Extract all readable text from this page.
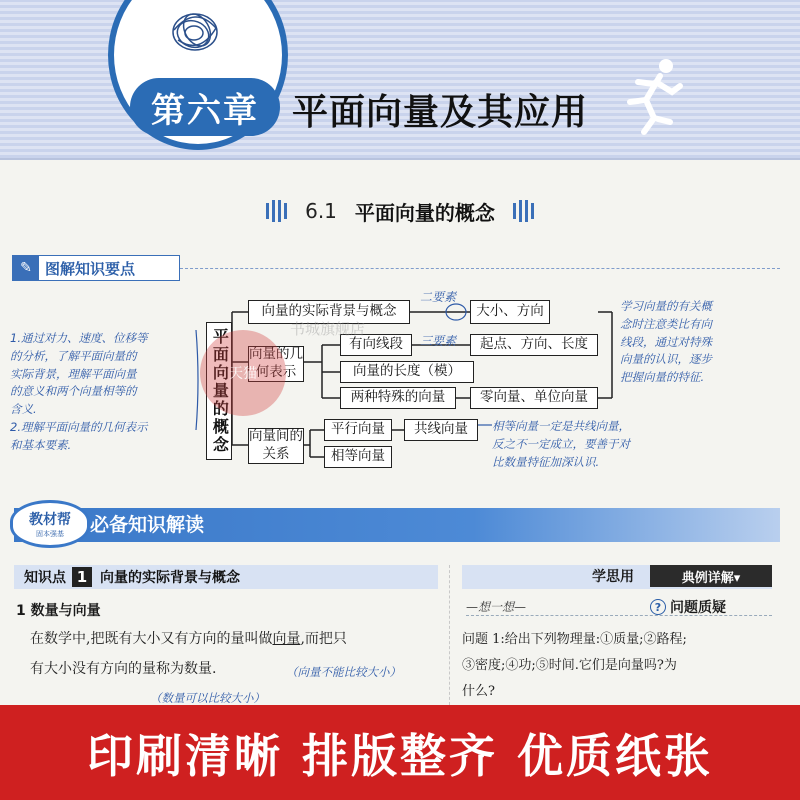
第六章 平面向量及其应用
6.1 平面向量的概念
✎ 图解知识要点
平面向量的概念
向量的实际背景与概念	大小、方向
向量的几何表示
有向线段	起点、方向、长度
向量的长度（模）
两种特殊的向量	零向量、单位向量
向量间的关系
平行向量	共线向量
相等向量
二要素
三要素
1.通过对力、速度、位移等
的分析，了解平面向量的
实际背景，理解平面向量
的意义和两个向量相等的
含义.
2.理解平面向量的几何表示
和基本要素.
学习向量的有关概
念时注意类比有向
线段，通过对特殊
向量的认识，逐步
把握向量的特征.
相等向量一定是共线向量，
反之不一定成立，要善于对
比数量特征加深认识.
天猫
书城旗舰店
教材帮
固本强基 必备知识解读
知识点 1 向量的实际背景与概念
1 数量与向量
在数学中,把既有大小又有方向的量叫做向量,而把只
有大小没有方向的量称为数量.	（向量不能比较大小）
（数量可以比较大小）
学思用	典例详解▾
—想一想—	? 问题质疑
问题 1:给出下列物理量:①质量;②路程;
③密度;④功;⑤时间.它们是向量吗?为
什么?
印刷清晰 排版整齐 优质纸张
